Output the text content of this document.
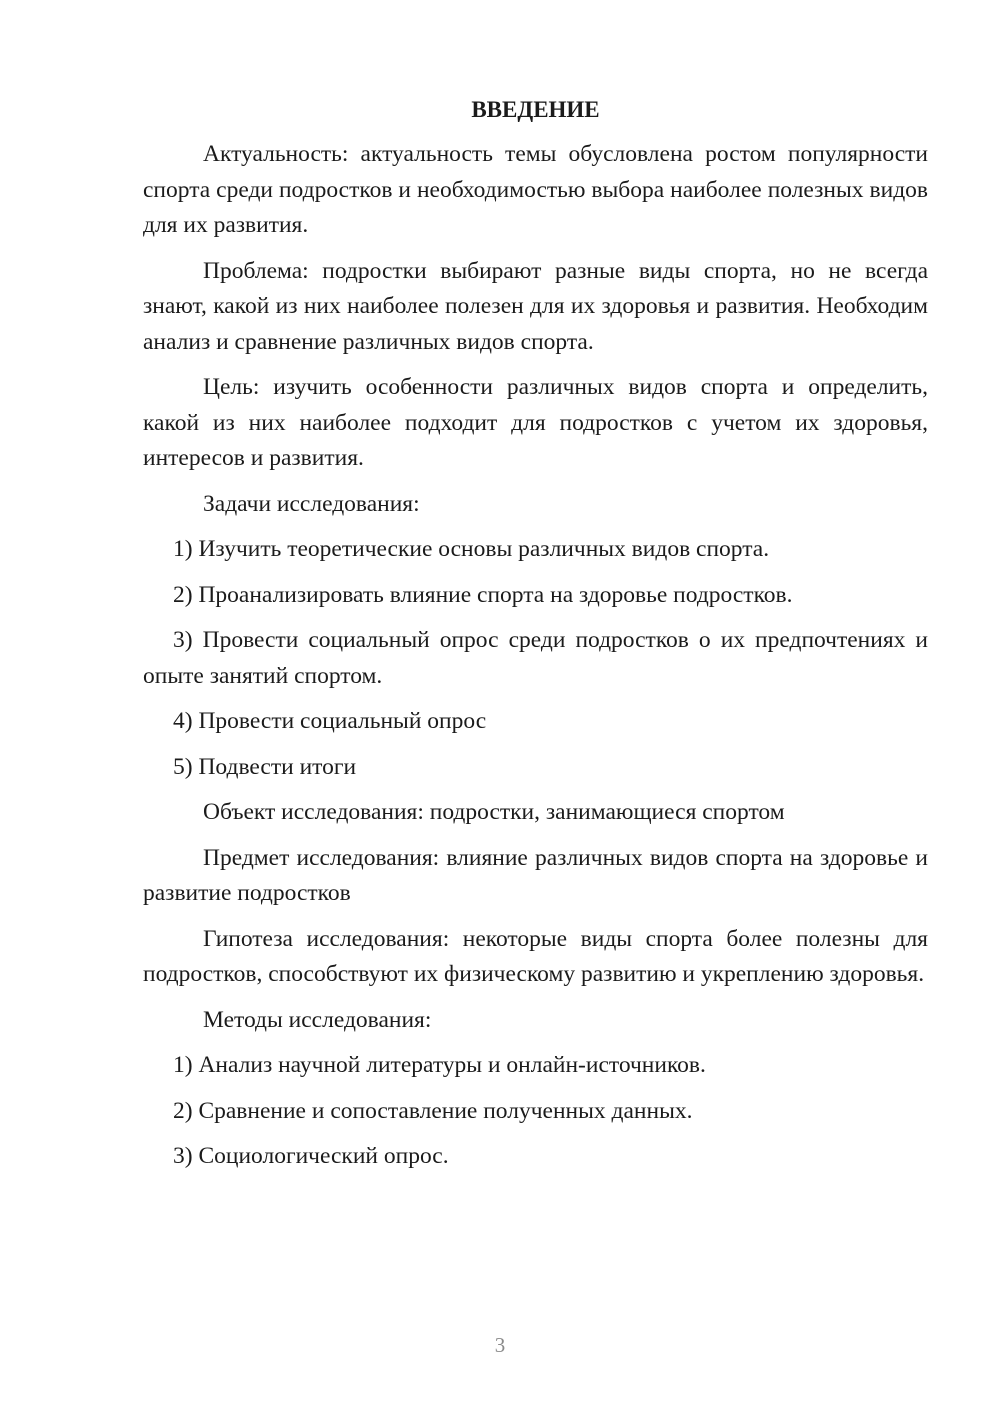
ВВЕДЕНИЕ

Актуальность: актуальность темы обусловлена ростом популярности спорта среди подростков и необходимостью выбора наиболее полезных видов для их развития.

Проблема: подростки выбирают разные виды спорта, но не всегда знают, какой из них наиболее полезен для их здоровья и развития. Необходим анализ и сравнение различных видов спорта.

Цель: изучить особенности различных видов спорта и определить, какой из них наиболее подходит для подростков с учетом их здоровья, интересов и развития.

Задачи исследования:

1) Изучить теоретические основы различных видов спорта.

2) Проанализировать влияние спорта на здоровье подростков.

3) Провести социальный опрос среди подростков о их предпочтениях и опыте занятий спортом.

4) Провести социальный опрос

5) Подвести итоги

Объект исследования: подростки, занимающиеся спортом

Предмет исследования: влияние различных видов спорта на здоровье и развитие подростков

Гипотеза исследования: некоторые виды спорта более полезны для подростков, способствуют их физическому развитию и укреплению здоровья.

Методы исследования:

1) Анализ научной литературы и онлайн-источников.

2) Сравнение и сопоставление полученных данных.

3) Социологический опрос.

3
